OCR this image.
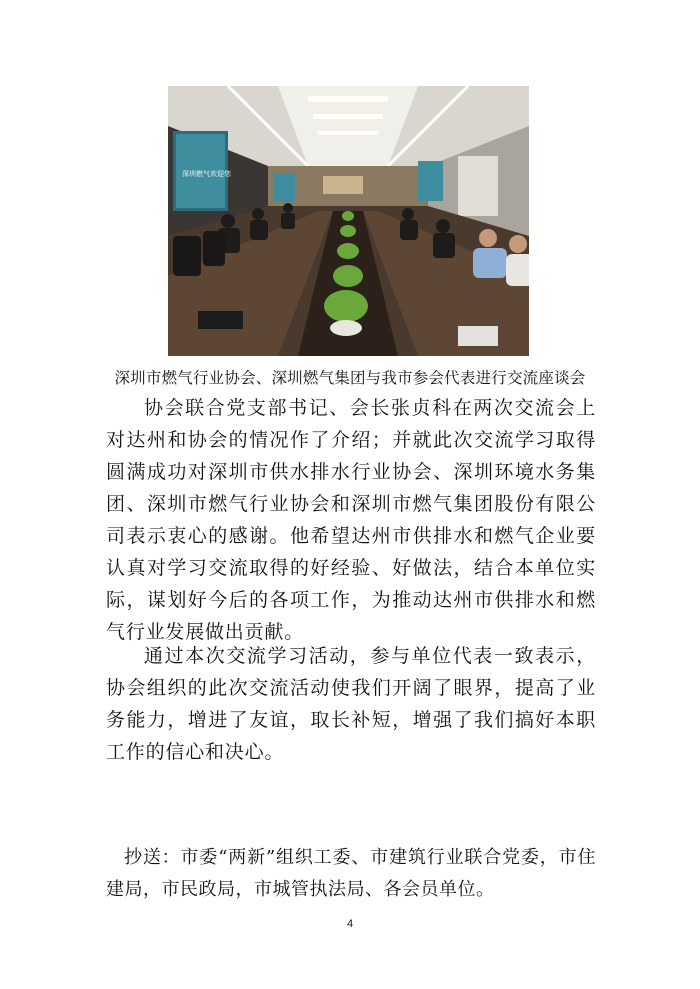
深圳燃气欢迎您
深圳市燃气行业协会、深圳燃气集团与我市参会代表进行交流座谈会

协会联合党支部书记、会长张贞科在两次交流会上对达州和协会的情况作了介绍；并就此次交流学习取得圆满成功对深圳市供水排水行业协会、深圳环境水务集团、深圳市燃气行业协会和深圳市燃气集团股份有限公司表示衷心的感谢。他希望达州市供排水和燃气企业要认真对学习交流取得的好经验、好做法，结合本单位实际，谋划好今后的各项工作，为推动达州市供排水和燃气行业发展做出贡献。

通过本次交流学习活动，参与单位代表一致表示，协会组织的此次交流活动使我们开阔了眼界，提高了业务能力，增进了友谊，取长补短，增强了我们搞好本职工作的信心和决心。

抄送：市委“两新”组织工委、市建筑行业联合党委，市住建局，市民政局，市城管执法局、各会员单位。

4
